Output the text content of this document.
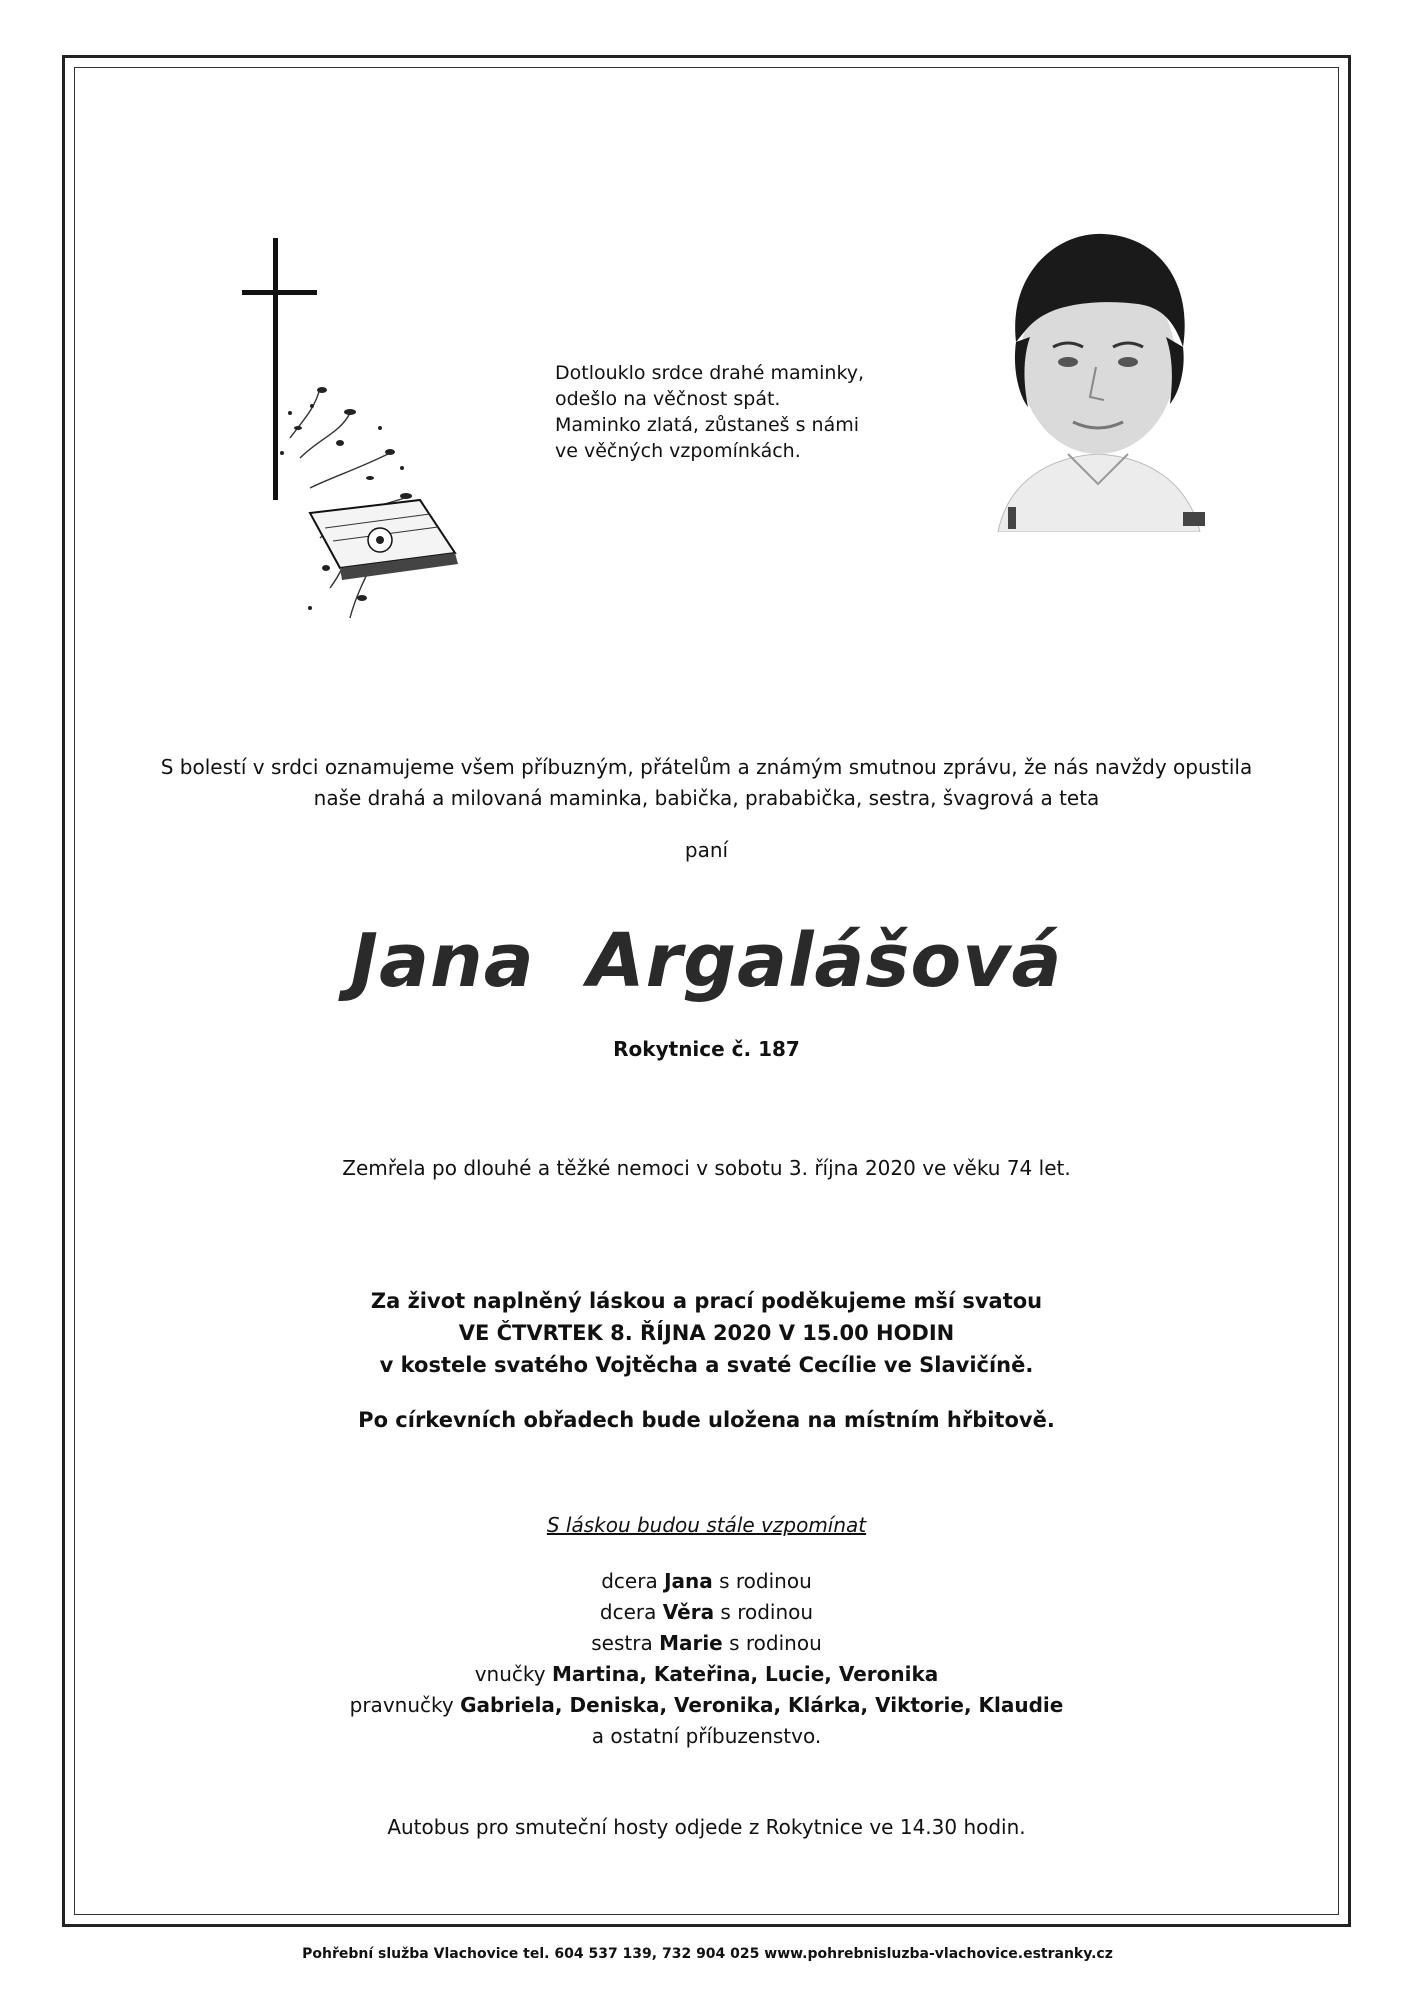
Dotlouklo srdce drahé maminky,
odešlo na věčnost spát.
Maminko zlatá, zůstaneš s námi
ve věčných vzpomínkách.
S bolestí v srdci oznamujeme všem příbuzným, přátelům a známým smutnou zprávu, že nás navždy opustila
naše drahá a milovaná maminka, babička, prababička, sestra, švagrová a teta
paní
Jana Argalášová
Rokytnice č. 187
Zemřela po dlouhé a těžké nemoci v sobotu 3. října 2020 ve věku 74 let.
Za život naplněný láskou a prací poděkujeme mší svatou
VE ČTVRTEK 8. ŘÍJNA 2020 V 15.00 HODIN
v kostele svatého Vojtěcha a svaté Cecílie ve Slavičíně.
Po církevních obřadech bude uložena na místním hřbitově.
S láskou budou stále vzpomínat
dcera Jana s rodinou
dcera Věra s rodinou
sestra Marie s rodinou
vnučky Martina, Kateřina, Lucie, Veronika
pravnučky Gabriela, Deniska, Veronika, Klárka, Viktorie, Klaudie
a ostatní příbuzenstvo.
Autobus pro smuteční hosty odjede z Rokytnice ve 14.30 hodin.
Pohřební služba Vlachovice tel. 604 537 139, 732 904 025 www.pohrebnisluzba-vlachovice.estranky.cz
